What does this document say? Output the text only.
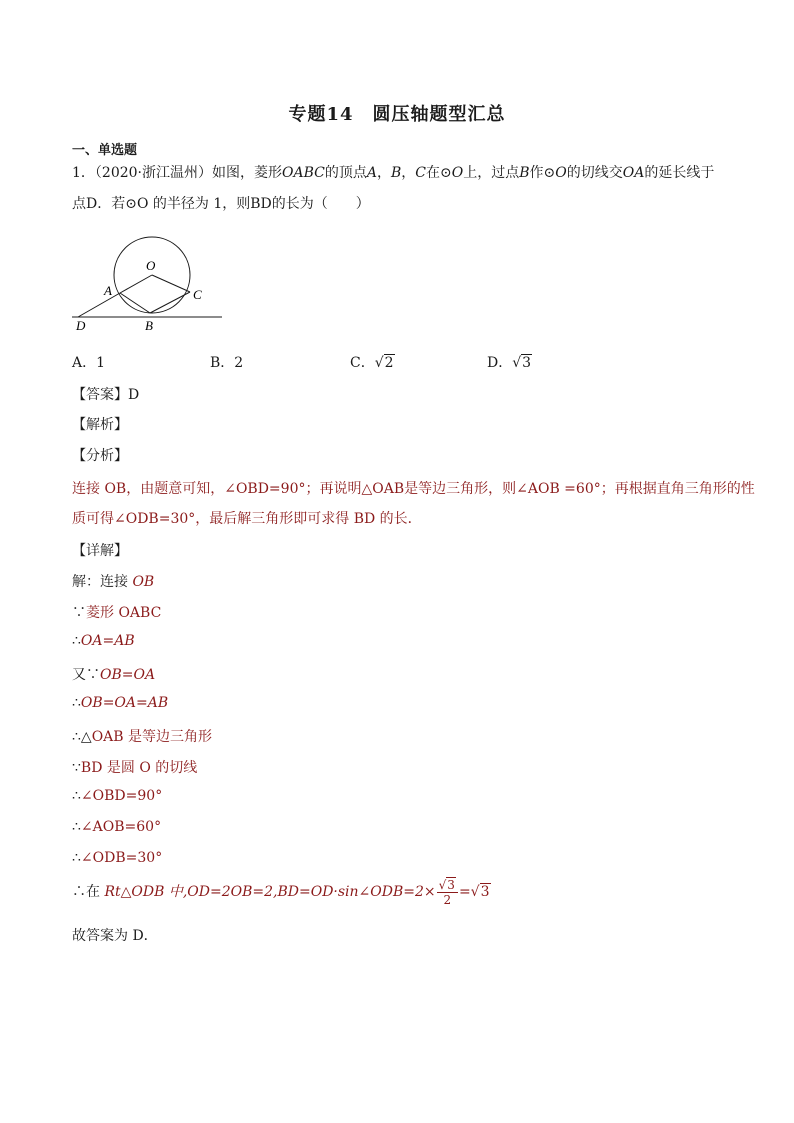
专题14　圆压轴题型汇总
一、单选题
1．（2020·浙江温州）如图，菱形OABC的顶点A，B，C在⊙O上，过点B作⊙O的切线交OA的延长线于
点D．若⊙O 的半径为 1，则BD的长为（　　）
O
A
B
C
D
A．1	B．2	C．√2	D．√3
【答案】D
【解析】
【分析】
连接 OB，由题意可知，∠OBD=90°；再说明△OAB是等边三角形，则∠AOB =60°；再根据直角三角形的性
质可得∠ODB=30°，最后解三角形即可求得 BD 的长．
【详解】
解：连接 OB
∵菱形 OABC
∴OA=AB
又∵OB=OA
∴OB=OA=AB
∴△OAB 是等边三角形
∵BD 是圆 O 的切线
∴∠OBD=90°
∴∠AOB=60°
∴∠ODB=30°
∴在 Rt△ODB 中,OD=2OB=2,BD=OD·sin∠ODB=2× $\frac{√3}{2} =√3$
故答案为 D．
